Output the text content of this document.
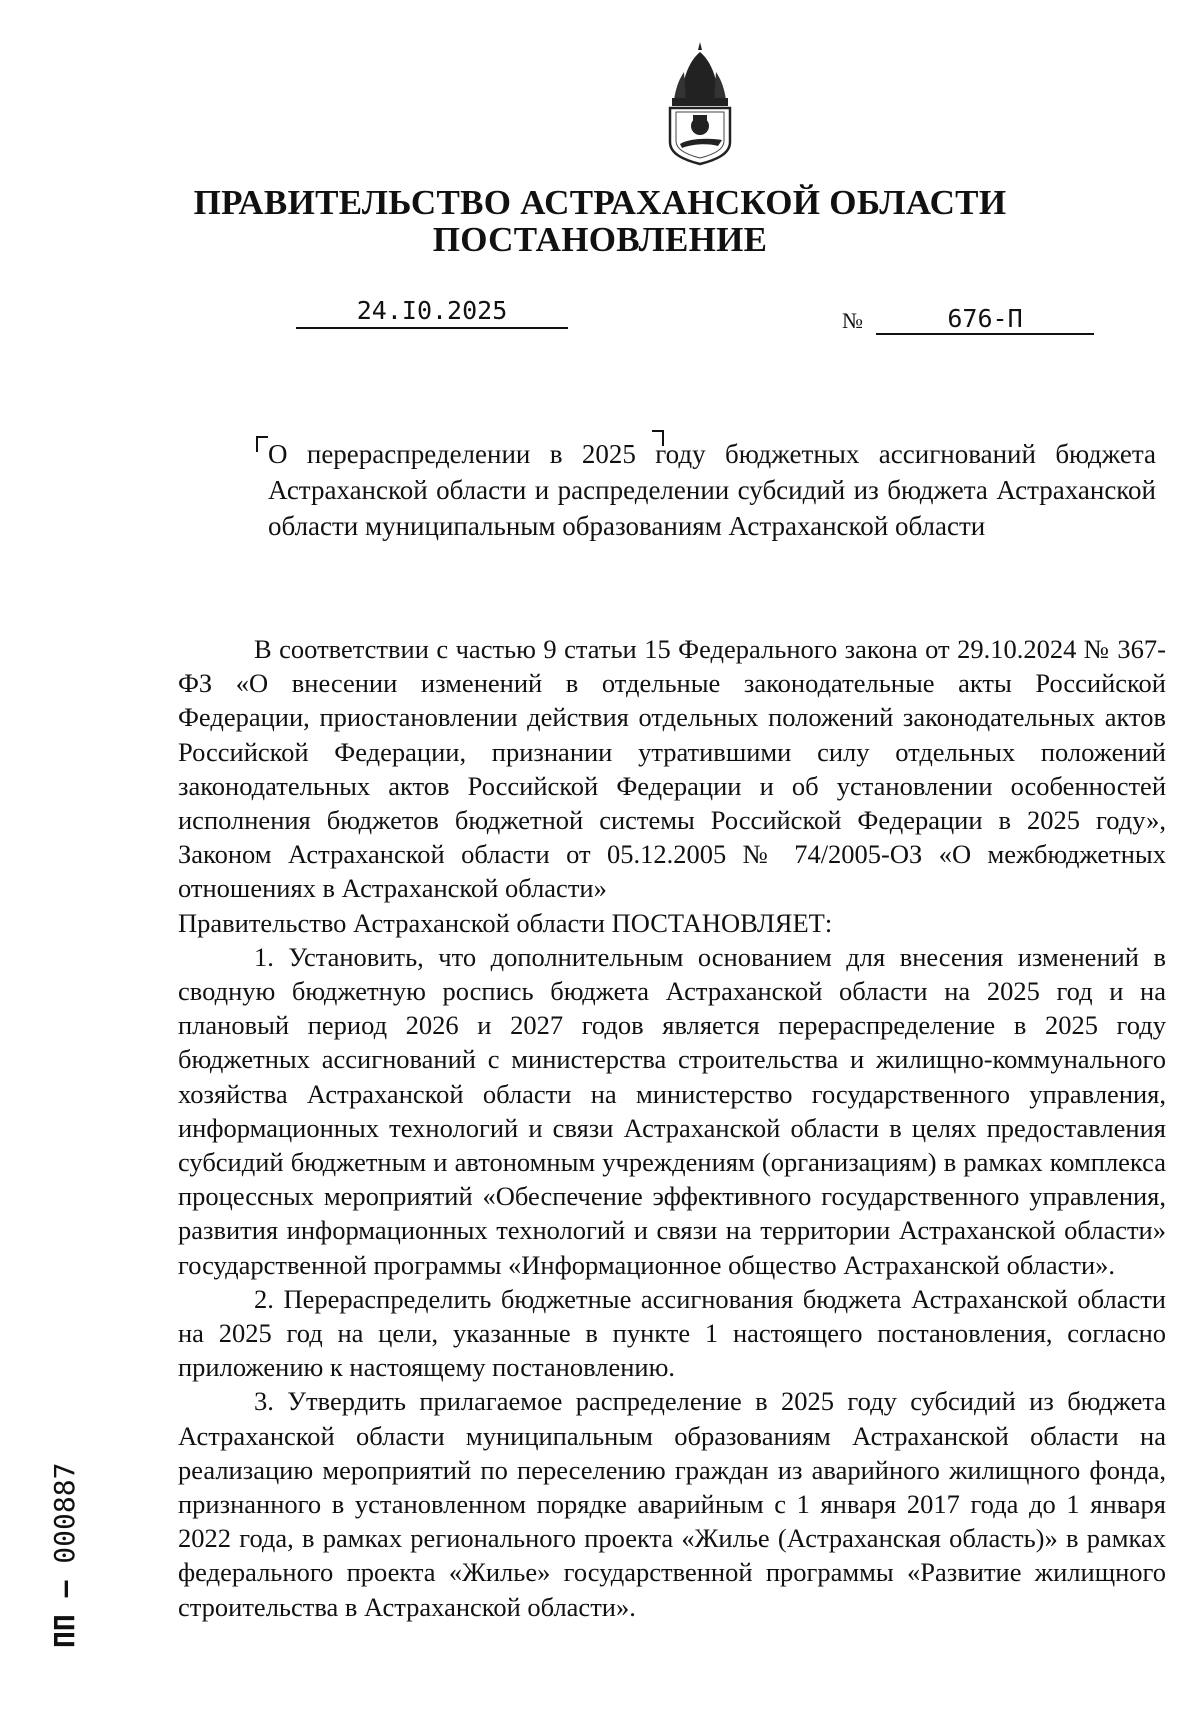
ПРАВИТЕЛЬСТВО АСТРАХАНСКОЙ ОБЛАСТИ
ПОСТАНОВЛЕНИЕ
24.I0.2025	№	676-П
О перераспределении в 2025 году бюджетных ассигнований бюджета Астраханской области и распределении субсидий из бюджета Астраханской области муниципальным образованиям Астраханской области

В соответствии с частью 9 статьи 15 Федерального закона от 29.10.2024 № 367-ФЗ «О внесении изменений в отдельные законодательные акты Российской Федерации, приостановлении действия отдельных положений законодательных актов Российской Федерации, признании утратившими силу отдельных положений законодательных актов Российской Федерации и об установлении особенностей исполнения бюджетов бюджетной системы Российской Федерации в 2025 году», Законом Астраханской области от 05.12.2005 № 74/2005-ОЗ «О межбюджетных отношениях в Астраханской области»

Правительство Астраханской области ПОСТАНОВЛЯЕТ:

1. Установить, что дополнительным основанием для внесения изменений в сводную бюджетную роспись бюджета Астраханской области на 2025 год и на плановый период 2026 и 2027 годов является перераспределение в 2025 году бюджетных ассигнований с министерства строительства и жилищно-коммунального хозяйства Астраханской области на министерство государственного управления, информационных технологий и связи Астраханской области в целях предоставления субсидий бюджетным и автономным учреждениям (организациям) в рамках комплекса процессных мероприятий «Обеспечение эффективного государственного управления, развития информационных технологий и связи на территории Астраханской области» государственной программы «Информационное общество Астраханской области».

2. Перераспределить бюджетные ассигнования бюджета Астраханской области на 2025 год на цели, указанные в пункте 1 настоящего постановления, согласно приложению к настоящему постановлению.

3. Утвердить прилагаемое распределение в 2025 году субсидий из бюджета Астраханской области муниципальным образованиям Астраханской области на реализацию мероприятий по переселению граждан из аварийного жилищного фонда, признанного в установленном порядке аварийным с 1 января 2017 года до 1 января 2022 года, в рамках регионального проекта «Жилье (Астраханская область)» в рамках федерального проекта «Жилье» государственной программы «Развитие жилищного строительства в Астраханской области».

ПП – 000887
